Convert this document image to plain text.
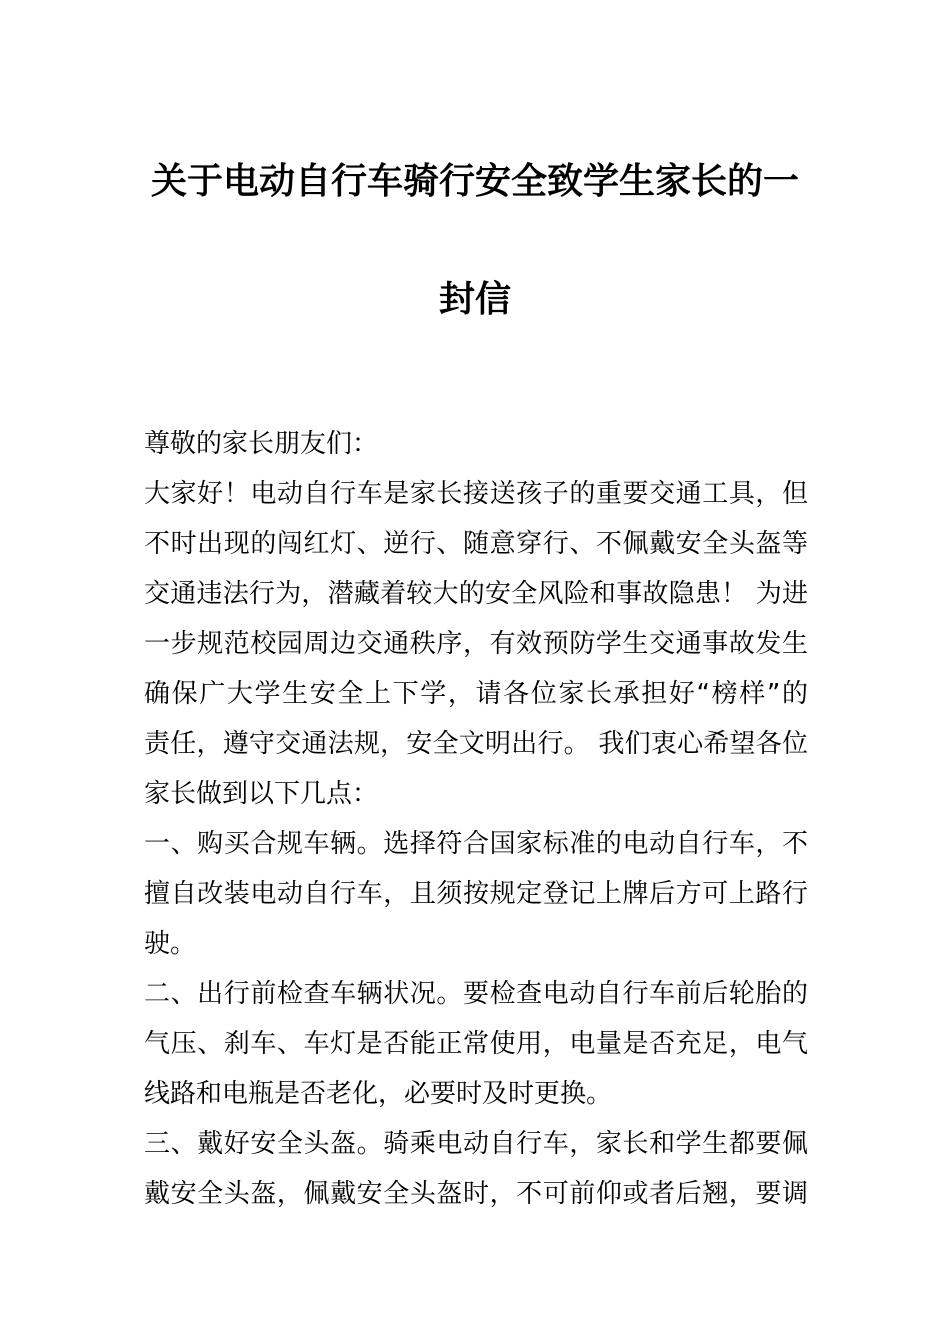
关于电动自行车骑行安全致学生家长的一
封信
尊敬的家长朋友们：
大家好！电动自行车是家长接送孩子的重要交通工具，但
不时出现的闯红灯、逆行、随意穿行、不佩戴安全头盔等
交通违法行为，潜藏着较大的安全风险和事故隐患！ 为进
一步规范校园周边交通秩序，有效预防学生交通事故发生
确保广大学生安全上下学，请各位家长承担好“榜样”的
责任，遵守交通法规，安全文明出行。 我们衷心希望各位
家长做到以下几点：
一、购买合规车辆。选择符合国家标准的电动自行车，不
擅自改装电动自行车，且须按规定登记上牌后方可上路行
驶。
二、出行前检查车辆状况。要检查电动自行车前后轮胎的
气压、刹车、车灯是否能正常使用，电量是否充足，电气
线路和电瓶是否老化，必要时及时更换。
三、戴好安全头盔。骑乘电动自行车，家长和学生都要佩
戴安全头盔，佩戴安全头盔时，不可前仰或者后翘，要调
